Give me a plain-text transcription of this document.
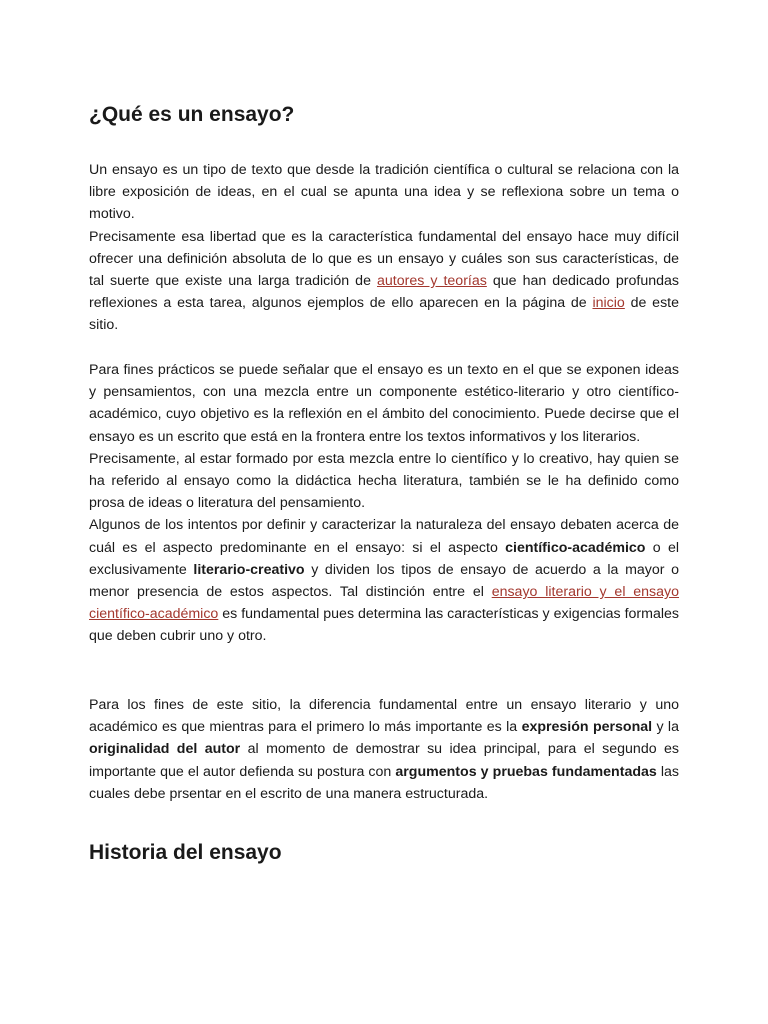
¿Qué es un ensayo?

Un ensayo es un tipo de texto que desde la tradición científica o cultural se relaciona con la libre exposición de ideas, en el cual se apunta una idea y se reflexiona sobre un tema o motivo.

Precisamente esa libertad que es la característica fundamental del ensayo hace muy difícil ofrecer una definición absoluta de lo que es un ensayo y cuáles son sus características, de tal suerte que existe una larga tradición de autores y teorías que han dedicado profundas reflexiones a esta tarea, algunos ejemplos de ello aparecen en la página de inicio de este sitio.

Para fines prácticos se puede señalar que el ensayo es un texto en el que se exponen ideas y pensamientos, con una mezcla entre un componente estético-literario y otro científico-académico, cuyo objetivo es la reflexión en el ámbito del conocimiento. Puede decirse que el ensayo es un escrito que está en la frontera entre los textos informativos y los literarios.

Precisamente, al estar formado por esta mezcla entre lo científico y lo creativo, hay quien se ha referido al ensayo como la didáctica hecha literatura, también se le ha definido como prosa de ideas o literatura del pensamiento.

Algunos de los intentos por definir y caracterizar la naturaleza del ensayo debaten acerca de cuál es el aspecto predominante en el ensayo: si el aspecto científico-académico o el exclusivamente literario-creativo y dividen los tipos de ensayo de acuerdo a la mayor o menor presencia de estos aspectos. Tal distinción entre el ensayo literario y el ensayo científico-académico es fundamental pues determina las características y exigencias formales que deben cubrir uno y otro.

Para los fines de este sitio, la diferencia fundamental entre un ensayo literario y uno académico es que mientras para el primero lo más importante es la expresión personal y la originalidad del autor al momento de demostrar su idea principal, para el segundo es importante que el autor defienda su postura con argumentos y pruebas fundamentadas las cuales debe prsentar en el escrito de una manera estructurada.

Historia del ensayo
